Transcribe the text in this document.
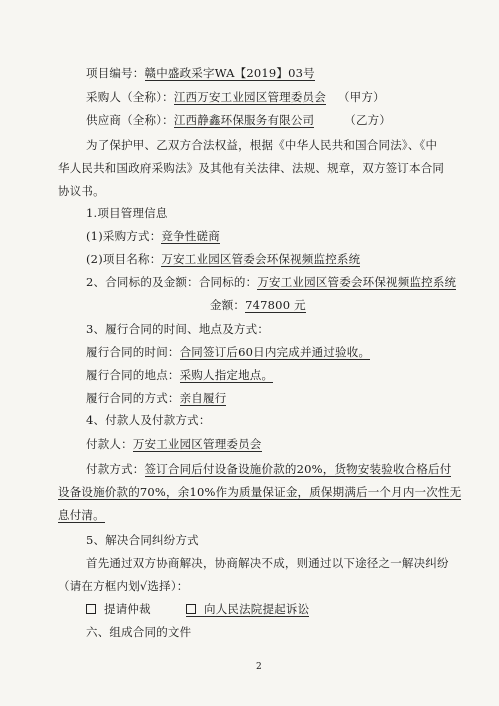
项目编号：赣中盛政采字WA【2019】03号
采购人（全称）：江西万安工业园区管理委员会 （甲方）
供应商（全称）：江西静鑫环保服务有限公司	（乙方）
为了保护甲、乙双方合法权益，根据《中华人民共和国合同法》、《中
华人民共和国政府采购法》及其他有关法律、法规、规章，双方签订本合同
协议书。
1.项目管理信息
(1)采购方式：竞争性磋商
(2)项目名称：万安工业园区管委会环保视频监控系统
2、合同标的及金额：合同标的：万安工业园区管委会环保视频监控系统
金额：747800 元
3、履行合同的时间、地点及方式：
履行合同的时间：合同签订后60日内完成并通过验收。
履行合同的地点：采购人指定地点。
履行合同的方式：亲自履行
4、付款人及付款方式：
付款人：万安工业园区管理委员会
付款方式：签订合同后付设备设施价款的20%，货物安装验收合格后付
设备设施价款的70%，余10%作为质量保证金，质保期满后一个月内一次性无
息付清。
5、解决合同纠纷方式
首先通过双方协商解决，协商解决不成，则通过以下途径之一解决纠纷
（请在方框内划√选择）：
提请仲裁	向人民法院提起诉讼
六、组成合同的文件
2
